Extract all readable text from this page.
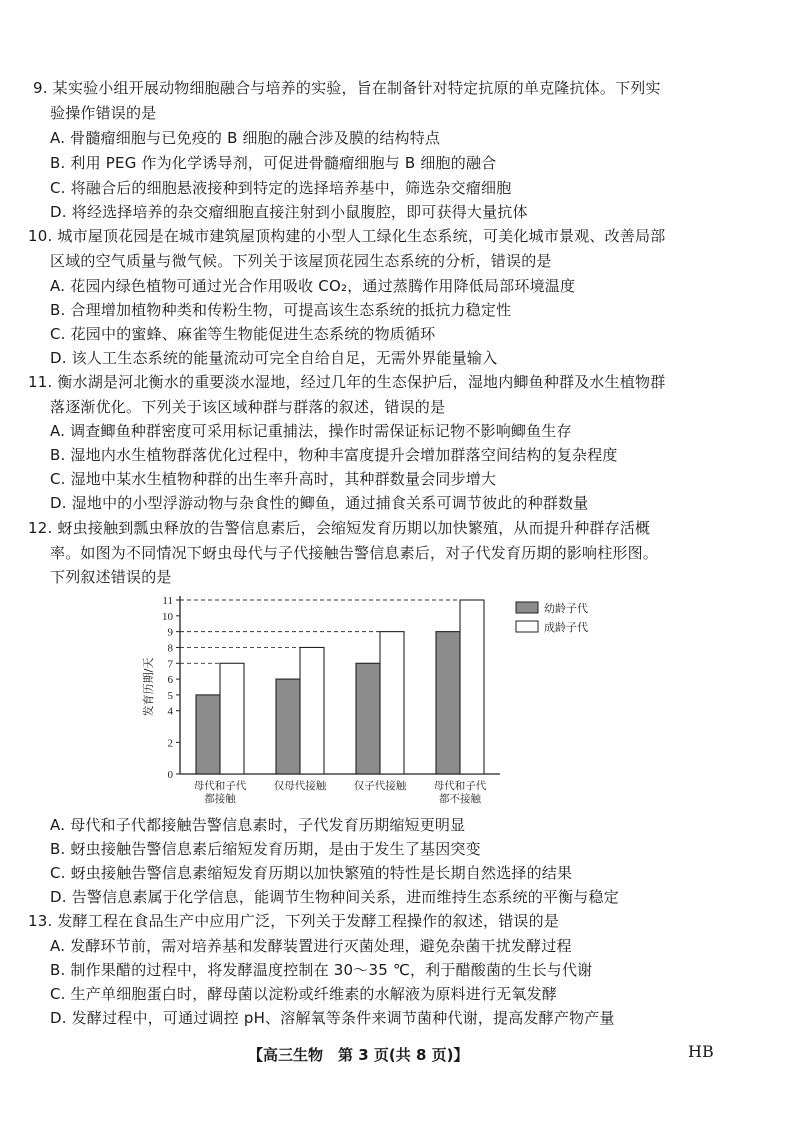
9. 某实验小组开展动物细胞融合与培养的实验，旨在制备针对特定抗原的单克隆抗体。下列实
验操作错误的是
A. 骨髓瘤细胞与已免疫的 B 细胞的融合涉及膜的结构特点
B. 利用 PEG 作为化学诱导剂，可促进骨髓瘤细胞与 B 细胞的融合
C. 将融合后的细胞悬液接种到特定的选择培养基中，筛选杂交瘤细胞
D. 将经选择培养的杂交瘤细胞直接注射到小鼠腹腔，即可获得大量抗体
10. 城市屋顶花园是在城市建筑屋顶构建的小型人工绿化生态系统，可美化城市景观、改善局部
区域的空气质量与微气候。下列关于该屋顶花园生态系统的分析，错误的是
A. 花园内绿色植物可通过光合作用吸收 CO₂，通过蒸腾作用降低局部环境温度
B. 合理增加植物种类和传粉生物，可提高该生态系统的抵抗力稳定性
C. 花园中的蜜蜂、麻雀等生物能促进生态系统的物质循环
D. 该人工生态系统的能量流动可完全自给自足，无需外界能量输入
11. 衡水湖是河北衡水的重要淡水湿地，经过几年的生态保护后，湿地内鲫鱼种群及水生植物群
落逐渐优化。下列关于该区域种群与群落的叙述，错误的是
A. 调查鲫鱼种群密度可采用标记重捕法，操作时需保证标记物不影响鲫鱼生存
B. 湿地内水生植物群落优化过程中，物种丰富度提升会增加群落空间结构的复杂程度
C. 湿地中某水生植物种群的出生率升高时，其种群数量会同步增大
D. 湿地中的小型浮游动物与杂食性的鲫鱼，通过捕食关系可调节彼此的种群数量
12. 蚜虫接触到瓢虫释放的告警信息素后，会缩短发育历期以加快繁殖，从而提升种群存活概
率。如图为不同情况下蚜虫母代与子代接触告警信息素后，对子代发育历期的影响柱形图。
下列叙述错误的是
0
2
4
5
6
7
8
9
10
11
发育历期/天
母代和子代
都接触
仅母代接触	仅子代接触	母代和子代
都不接触
幼龄子代
成龄子代
A. 母代和子代都接触告警信息素时，子代发育历期缩短更明显
B. 蚜虫接触告警信息素后缩短发育历期，是由于发生了基因突变
C. 蚜虫接触告警信息素缩短发育历期以加快繁殖的特性是长期自然选择的结果
D. 告警信息素属于化学信息，能调节生物种间关系，进而维持生态系统的平衡与稳定
13. 发酵工程在食品生产中应用广泛，下列关于发酵工程操作的叙述，错误的是
A. 发酵环节前，需对培养基和发酵装置进行灭菌处理，避免杂菌干扰发酵过程
B. 制作果醋的过程中，将发酵温度控制在 30～35 ℃，利于醋酸菌的生长与代谢
C. 生产单细胞蛋白时，酵母菌以淀粉或纤维素的水解液为原料进行无氧发酵
D. 发酵过程中，可通过调控 pH、溶解氧等条件来调节菌种代谢，提高发酵产物产量
【高三生物　第 3 页(共 8 页)】	HB
